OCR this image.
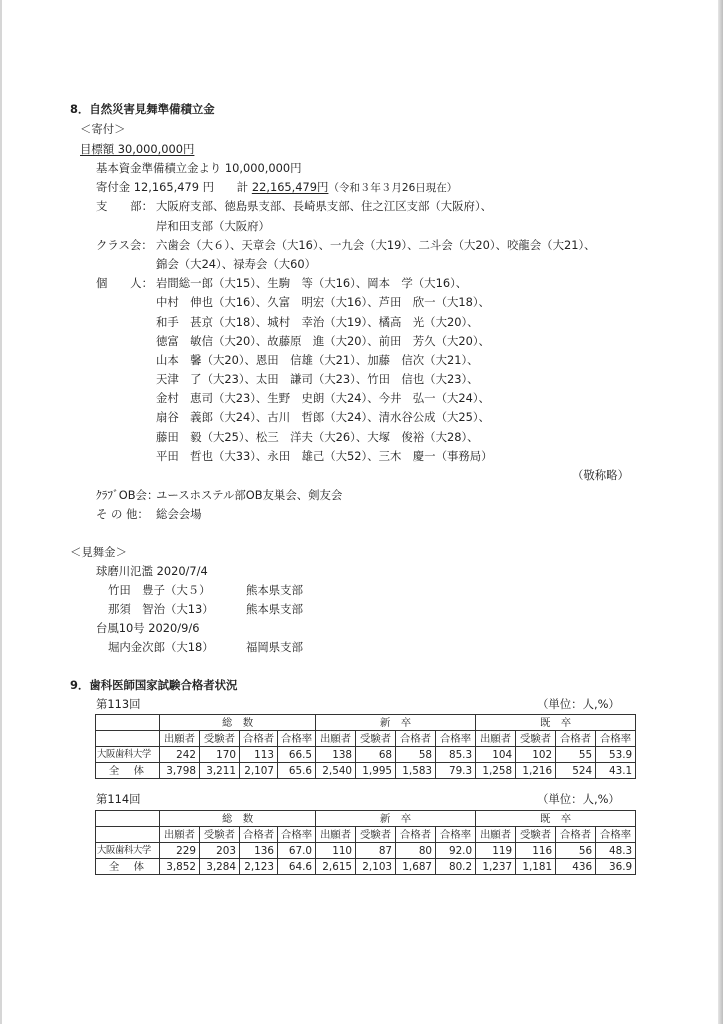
8．自然災害見舞準備積立金
＜寄付＞
目標額 30,000,000円
基本資金準備積立金より 10,000,000円
寄付金 12,165,479 円　　計 22,165,479円（令和３年３月26日現在）
支　　部： 大阪府支部、徳島県支部、長崎県支部、住之江区支部（大阪府）、
岸和田支部（大阪府）
クラス会： 六歯会（大６）、天章会（大16）、一九会（大19）、二斗会（大20）、咬龍会（大21）、
錦会（大24）、禄寿会（大60）
個　　人： 岩間総一郎（大15）、生駒　等（大16）、岡本　学（大16）、
中村　伸也（大16）、久富　明宏（大16）、芦田　欣一（大18）、
和手　甚京（大18）、城村　幸治（大19）、橘高　光（大20）、
徳富　敏信（大20）、故藤原　進（大20）、前田　芳久（大20）、
山本　馨（大20）、恩田　信雄（大21）、加藤　信次（大21）、
天津　了（大23）、太田　謙司（大23）、竹田　信也（大23）、
金村　恵司（大23）、生野　史朗（大24）、今井　弘一（大24）、
扇谷　義郎（大24）、古川　哲郎（大24）、清水谷公成（大25）、
藤田　毅（大25）、松三　洋夫（大26）、大塚　俊裕（大28）、
平田　哲也（大33）、永田　雄己（大52）、三木　慶一（事務局）
（敬称略）
ｸﾗﾌﾞOB会：
ユースホステル部OB友巣会、剣友会
そ の 他： 総会会場
＜見舞金＞
球磨川氾濫 2020/7/4
竹田　豊子（大５）	熊本県支部
那須　智治（大13）	熊本県支部
台風10号 2020/9/6
堀内金次郎（大18）	福岡県支部
9．歯科医師国家試験合格者状況
第113回	（単位：人,%）
	総　数				新　卒				既　卒			
	出願者	受験者	合格者	合格率	出願者	受験者	合格者	合格率	出願者	受験者	合格者	合格率
大阪歯科大学	242	170	113	66.5	138	68	58	85.3	104	102	55	53.9
全　体	3,798	3,211	2,107	65.6	2,540	1,995	1,583	79.3	1,258	1,216	524	43.1
第114回	（単位：人,%）
	総　数				新　卒				既　卒			
	出願者	受験者	合格者	合格率	出願者	受験者	合格者	合格率	出願者	受験者	合格者	合格率
大阪歯科大学	229	203	136	67.0	110	87	80	92.0	119	116	56	48.3
全　体	3,852	3,284	2,123	64.6	2,615	2,103	1,687	80.2	1,237	1,181	436	36.9
